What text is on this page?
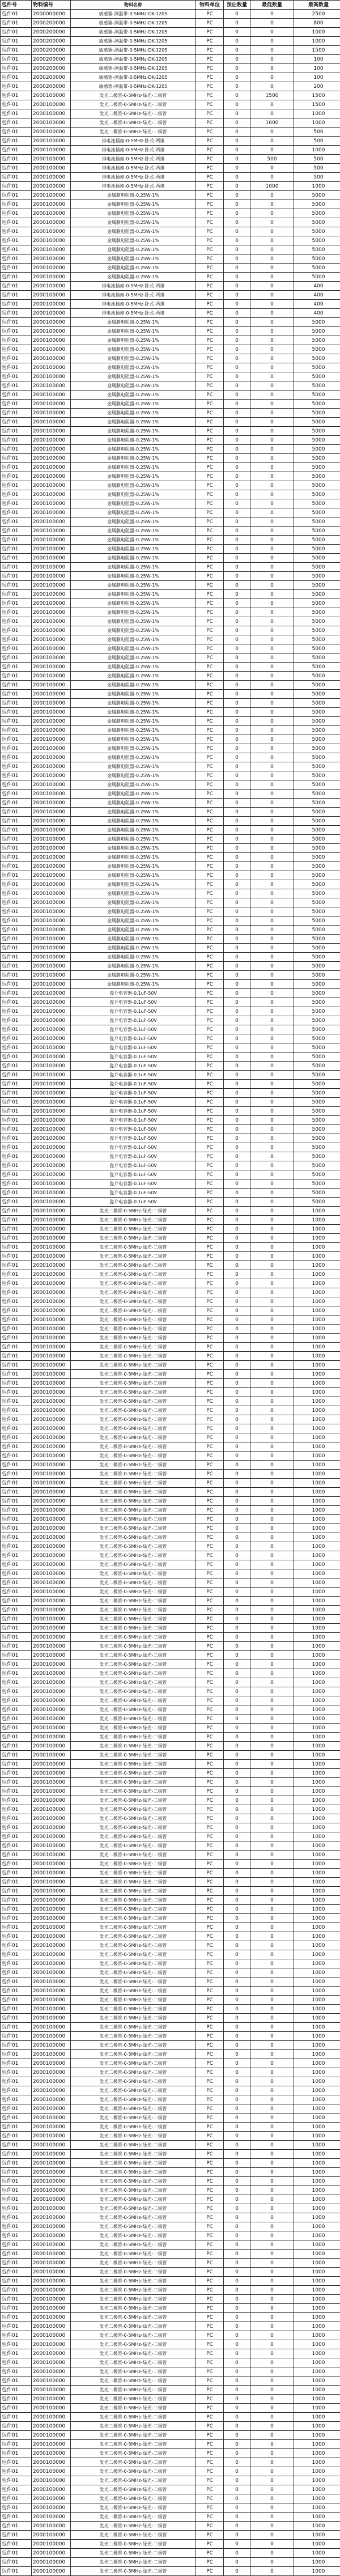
包件号	物料编号	物料名称	物料单位	预估数量	最低数量	最高数量
包件01	2000000000	敏感器-测温带-0-5MHz-DK-1205	PC	0	0	2500
包件01	2000200000	敏感器-测温带-0-5MHz-DK-1205	PC	0	0	800
包件01	2000200000	敏感器-测温带-0-5MHz-DK-1205	PC	0	0	1000
包件01	2000200000	敏感器-测温带-0-5MHz-DK-1205	PC	0	0	1000
包件01	2000200000	敏感器-测温带-0-5MHz-DK-1205	PC	0	0	1500
包件01	2000200000	敏感器-测温带-0-5MHz-DK-1205	PC	0	0	100
包件01	2000200000	敏感器-测温带-0-5MHz-DK-1205	PC	0	0	100
包件01	2000200000	敏感器-测温带-0-5MHz-DK-1205	PC	0	0	100
包件01	2000200000	敏感器-测温带-0-5MHz-DK-1205	PC	0	0	200
包件01	2000100000	发光二极管-0-5MHz-绿光-二极管	PC	0	1500	1500
包件01	2000100000	发光二极管-0-5MHz-绿光-二极管	PC	0	0	1500
包件01	2000100000	发光二极管-0-5MHz-绿光-二极管	PC	0	0	1000
包件01	2000100000	发光二极管-0-5MHz-绿光-二极管	PC	0	1000	1000
包件01	2000100000	发光二极管-0-5MHz-绿光-二极管	PC	0	0	500
包件01	2000100000	排电池插座-0-5MHz-卧式-两排	PC	0	0	500
包件01	2000100000	排电池插座-0-5MHz-卧式-两排	PC	0	0	1000
包件01	2000100000	排电池插座-0-5MHz-卧式-两排	PC	0	500	500
包件01	2000100000	排电池插座-0-5MHz-卧式-两排	PC	0	0	500
包件01	2000100000	排电池插座-0-5MHz-卧式-两排	PC	0	0	500
包件01	2000100000	排电池插座-0-5MHz-卧式-两排	PC	0	1000	1000
包件01	2000100000	金属膜电阻器-0.25W-1%	PC	0	0	5000
包件01	2000100000	金属膜电阻器-0.25W-1%	PC	0	0	5000
包件01	2000100000	金属膜电阻器-0.25W-1%	PC	0	0	5000
包件01	2000100000	金属膜电阻器-0.25W-1%	PC	0	0	5000
包件01	2000100000	金属膜电阻器-0.25W-1%	PC	0	0	5000
包件01	2000100000	金属膜电阻器-0.25W-1%	PC	0	0	5000
包件01	2000100000	金属膜电阻器-0.25W-1%	PC	0	0	5000
包件01	2000100000	金属膜电阻器-0.25W-1%	PC	0	0	5000
包件01	2000100000	金属膜电阻器-0.25W-1%	PC	0	0	5000
包件01	2000100000	金属膜电阻器-0.25W-1%	PC	0	0	5000
包件01	2000100000	排电池插座-0-5MHz-卧式-两排	PC	0	0	400
包件01	2000100000	排电池插座-0-5MHz-卧式-两排	PC	0	0	400
包件01	2000100000	排电池插座-0-5MHz-卧式-两排	PC	0	0	400
包件01	2000100000	排电池插座-0-5MHz-卧式-两排	PC	0	0	400
包件01	2000100000	金属膜电阻器-0.25W-1%	PC	0	0	5000
包件01	2000100000	金属膜电阻器-0.25W-1%	PC	0	0	5000
包件01	2000100000	金属膜电阻器-0.25W-1%	PC	0	0	5000
包件01	2000100000	金属膜电阻器-0.25W-1%	PC	0	0	5000
包件01	2000100000	金属膜电阻器-0.25W-1%	PC	0	0	5000
包件01	2000100000	金属膜电阻器-0.25W-1%	PC	0	0	5000
包件01	2000100000	金属膜电阻器-0.25W-1%	PC	0	0	5000
包件01	2000100000	金属膜电阻器-0.25W-1%	PC	0	0	5000
包件01	2000100000	金属膜电阻器-0.25W-1%	PC	0	0	5000
包件01	2000100000	金属膜电阻器-0.25W-1%	PC	0	0	5000
包件01	2000100000	金属膜电阻器-0.25W-1%	PC	0	0	5000
包件01	2000100000	金属膜电阻器-0.25W-1%	PC	0	0	5000
包件01	2000100000	金属膜电阻器-0.25W-1%	PC	0	0	5000
包件01	2000100000	金属膜电阻器-0.25W-1%	PC	0	0	5000
包件01	2000100000	金属膜电阻器-0.25W-1%	PC	0	0	5000
包件01	2000100000	金属膜电阻器-0.25W-1%	PC	0	0	5000
包件01	2000100000	金属膜电阻器-0.25W-1%	PC	0	0	5000
包件01	2000100000	金属膜电阻器-0.25W-1%	PC	0	0	5000
包件01	2000100000	金属膜电阻器-0.25W-1%	PC	0	0	5000
包件01	2000100000	金属膜电阻器-0.25W-1%	PC	0	0	5000
包件01	2000100000	金属膜电阻器-0.25W-1%	PC	0	0	5000
包件01	2000100000	金属膜电阻器-0.25W-1%	PC	0	0	5000
包件01	2000100000	金属膜电阻器-0.25W-1%	PC	0	0	5000
包件01	2000100000	金属膜电阻器-0.25W-1%	PC	0	0	5000
包件01	2000100000	金属膜电阻器-0.25W-1%	PC	0	0	5000
包件01	2000100000	金属膜电阻器-0.25W-1%	PC	0	0	5000
包件01	2000100000	金属膜电阻器-0.25W-1%	PC	0	0	5000
包件01	2000100000	金属膜电阻器-0.25W-1%	PC	0	0	5000
包件01	2000100000	金属膜电阻器-0.25W-1%	PC	0	0	5000
包件01	2000100000	金属膜电阻器-0.25W-1%	PC	0	0	5000
包件01	2000100000	金属膜电阻器-0.25W-1%	PC	0	0	5000
包件01	2000100000	金属膜电阻器-0.25W-1%	PC	0	0	5000
包件01	2000100000	金属膜电阻器-0.25W-1%	PC	0	0	5000
包件01	2000100000	金属膜电阻器-0.25W-1%	PC	0	0	5000
包件01	2000100000	金属膜电阻器-0.25W-1%	PC	0	0	5000
包件01	2000100000	金属膜电阻器-0.25W-1%	PC	0	0	5000
包件01	2000100000	金属膜电阻器-0.25W-1%	PC	0	0	5000
包件01	2000100000	金属膜电阻器-0.25W-1%	PC	0	0	5000
包件01	2000100000	金属膜电阻器-0.25W-1%	PC	0	0	5000
包件01	2000100000	金属膜电阻器-0.25W-1%	PC	0	0	5000
包件01	2000100000	金属膜电阻器-0.25W-1%	PC	0	0	5000
包件01	2000100000	金属膜电阻器-0.25W-1%	PC	0	0	5000
包件01	2000100000	金属膜电阻器-0.25W-1%	PC	0	0	5000
包件01	2000100000	金属膜电阻器-0.25W-1%	PC	0	0	5000
包件01	2000100000	金属膜电阻器-0.25W-1%	PC	0	0	5000
包件01	2000100000	金属膜电阻器-0.25W-1%	PC	0	0	5000
包件01	2000100000	金属膜电阻器-0.25W-1%	PC	0	0	5000
包件01	2000100000	金属膜电阻器-0.25W-1%	PC	0	0	5000
包件01	2000100000	金属膜电阻器-0.25W-1%	PC	0	0	5000
包件01	2000100000	金属膜电阻器-0.25W-1%	PC	0	0	5000
包件01	2000100000	金属膜电阻器-0.25W-1%	PC	0	0	5000
包件01	2000100000	金属膜电阻器-0.25W-1%	PC	0	0	5000
包件01	2000100000	金属膜电阻器-0.25W-1%	PC	0	0	5000
包件01	2000100000	金属膜电阻器-0.25W-1%	PC	0	0	5000
包件01	2000100000	金属膜电阻器-0.25W-1%	PC	0	0	5000
包件01	2000100000	金属膜电阻器-0.25W-1%	PC	0	0	5000
包件01	2000100000	金属膜电阻器-0.25W-1%	PC	0	0	5000
包件01	2000100000	金属膜电阻器-0.25W-1%	PC	0	0	5000
包件01	2000100000	金属膜电阻器-0.25W-1%	PC	0	0	5000
包件01	2000100000	金属膜电阻器-0.25W-1%	PC	0	0	5000
包件01	2000100000	金属膜电阻器-0.25W-1%	PC	0	0	5000
包件01	2000100000	金属膜电阻器-0.25W-1%	PC	0	0	5000
包件01	2000100000	金属膜电阻器-0.25W-1%	PC	0	0	5000
包件01	2000100000	金属膜电阻器-0.25W-1%	PC	0	0	5000
包件01	2000100000	金属膜电阻器-0.25W-1%	PC	0	0	5000
包件01	2000100000	金属膜电阻器-0.25W-1%	PC	0	0	5000
包件01	2000100000	金属膜电阻器-0.25W-1%	PC	0	0	5000
包件01	2000100000	金属膜电阻器-0.25W-1%	PC	0	0	5000
包件01	2000100000	金属膜电阻器-0.25W-1%	PC	0	0	5000
包件01	2000100000	金属膜电阻器-0.25W-1%	PC	0	0	5000
包件01	2000100000	金属膜电阻器-0.25W-1%	PC	0	0	5000
包件01	2000100000	金属膜电阻器-0.25W-1%	PC	0	0	5000
包件01	2000100000	金属膜电阻器-0.25W-1%	PC	0	0	5000
包件01	2000100000	金属膜电阻器-0.25W-1%	PC	0	0	5000
包件01	2000100000	瓷介电容器-0.1uF-50V	PC	0	0	5000
包件01	2000100000	瓷介电容器-0.1uF-50V	PC	0	0	5000
包件01	2000100000	瓷介电容器-0.1uF-50V	PC	0	0	5000
包件01	2000100000	瓷介电容器-0.1uF-50V	PC	0	0	5000
包件01	2000100000	瓷介电容器-0.1uF-50V	PC	0	0	5000
包件01	2000100000	瓷介电容器-0.1uF-50V	PC	0	0	5000
包件01	2000100000	瓷介电容器-0.1uF-50V	PC	0	0	5000
包件01	2000100000	瓷介电容器-0.1uF-50V	PC	0	0	5000
包件01	2000100000	瓷介电容器-0.1uF-50V	PC	0	0	5000
包件01	2000100000	瓷介电容器-0.1uF-50V	PC	0	0	5000
包件01	2000100000	瓷介电容器-0.1uF-50V	PC	0	0	5000
包件01	2000100000	瓷介电容器-0.1uF-50V	PC	0	0	5000
包件01	2000100000	瓷介电容器-0.1uF-50V	PC	0	0	5000
包件01	2000100000	瓷介电容器-0.1uF-50V	PC	0	0	5000
包件01	2000100000	瓷介电容器-0.1uF-50V	PC	0	0	5000
包件01	2000100000	瓷介电容器-0.1uF-50V	PC	0	0	5000
包件01	2000100000	瓷介电容器-0.1uF-50V	PC	0	0	5000
包件01	2000100000	瓷介电容器-0.1uF-50V	PC	0	0	5000
包件01	2000100000	瓷介电容器-0.1uF-50V	PC	0	0	5000
包件01	2000100000	瓷介电容器-0.1uF-50V	PC	0	0	5000
包件01	2000100000	瓷介电容器-0.1uF-50V	PC	0	0	5000
包件01	2000100000	瓷介电容器-0.1uF-50V	PC	0	0	5000
包件01	2000100000	瓷介电容器-0.1uF-50V	PC	0	0	5000
包件01	2000100000	瓷介电容器-0.1uF-50V	PC	0	0	5000
包件01	2000100000	发光二极管-0-5MHz-绿光-二极管	PC	0	0	1000
包件01	2000100000	发光二极管-0-5MHz-绿光-二极管	PC	0	0	1000
包件01	2000100000	发光二极管-0-5MHz-绿光-二极管	PC	0	0	1000
包件01	2000100000	发光二极管-0-5MHz-绿光-二极管	PC	0	0	1000
包件01	2000100000	发光二极管-0-5MHz-绿光-二极管	PC	0	0	1000
包件01	2000100000	发光二极管-0-5MHz-绿光-二极管	PC	0	0	1000
包件01	2000100000	发光二极管-0-5MHz-绿光-二极管	PC	0	0	1000
包件01	2000100000	发光二极管-0-5MHz-绿光-二极管	PC	0	0	1000
包件01	2000100000	发光二极管-0-5MHz-绿光-二极管	PC	0	0	1000
包件01	2000100000	发光二极管-0-5MHz-绿光-二极管	PC	0	0	1000
包件01	2000100000	发光二极管-0-5MHz-绿光-二极管	PC	0	0	1000
包件01	2000100000	发光二极管-0-5MHz-绿光-二极管	PC	0	0	1000
包件01	2000100000	发光二极管-0-5MHz-绿光-二极管	PC	0	0	1000
包件01	2000100000	发光二极管-0-5MHz-绿光-二极管	PC	0	0	1000
包件01	2000100000	发光二极管-0-5MHz-绿光-二极管	PC	0	0	1000
包件01	2000100000	发光二极管-0-5MHz-绿光-二极管	PC	0	0	1000
包件01	2000100000	发光二极管-0-5MHz-绿光-二极管	PC	0	0	1000
包件01	2000100000	发光二极管-0-5MHz-绿光-二极管	PC	0	0	1000
包件01	2000100000	发光二极管-0-5MHz-绿光-二极管	PC	0	0	1000
包件01	2000100000	发光二极管-0-5MHz-绿光-二极管	PC	0	0	1000
包件01	2000100000	发光二极管-0-5MHz-绿光-二极管	PC	0	0	1000
包件01	2000100000	发光二极管-0-5MHz-绿光-二极管	PC	0	0	1000
包件01	2000100000	发光二极管-0-5MHz-绿光-二极管	PC	0	0	1000
包件01	2000100000	发光二极管-0-5MHz-绿光-二极管	PC	0	0	1000
包件01	2000100000	发光二极管-0-5MHz-绿光-二极管	PC	0	0	1000
包件01	2000100000	发光二极管-0-5MHz-绿光-二极管	PC	0	0	1000
包件01	2000100000	发光二极管-0-5MHz-绿光-二极管	PC	0	0	1000
包件01	2000100000	发光二极管-0-5MHz-绿光-二极管	PC	0	0	1000
包件01	2000100000	发光二极管-0-5MHz-绿光-二极管	PC	0	0	1000
包件01	2000100000	发光二极管-0-5MHz-绿光-二极管	PC	0	0	1000
包件01	2000100000	发光二极管-0-5MHz-绿光-二极管	PC	0	0	1000
包件01	2000100000	发光二极管-0-5MHz-绿光-二极管	PC	0	0	1000
包件01	2000100000	发光二极管-0-5MHz-绿光-二极管	PC	0	0	1000
包件01	2000100000	发光二极管-0-5MHz-绿光-二极管	PC	0	0	1000
包件01	2000100000	发光二极管-0-5MHz-绿光-二极管	PC	0	0	1000
包件01	2000100000	发光二极管-0-5MHz-绿光-二极管	PC	0	0	1000
包件01	2000100000	发光二极管-0-5MHz-绿光-二极管	PC	0	0	1000
包件01	2000100000	发光二极管-0-5MHz-绿光-二极管	PC	0	0	1000
包件01	2000100000	发光二极管-0-5MHz-绿光-二极管	PC	0	0	1000
包件01	2000100000	发光二极管-0-5MHz-绿光-二极管	PC	0	0	1000
包件01	2000100000	发光二极管-0-5MHz-绿光-二极管	PC	0	0	1000
包件01	2000100000	发光二极管-0-5MHz-绿光-二极管	PC	0	0	1000
包件01	2000100000	发光二极管-0-5MHz-绿光-二极管	PC	0	0	1000
包件01	2000100000	发光二极管-0-5MHz-绿光-二极管	PC	0	0	1000
包件01	2000100000	发光二极管-0-5MHz-绿光-二极管	PC	0	0	1000
包件01	2000100000	发光二极管-0-5MHz-绿光-二极管	PC	0	0	1000
包件01	2000100000	发光二极管-0-5MHz-绿光-二极管	PC	0	0	1000
包件01	2000100000	发光二极管-0-5MHz-绿光-二极管	PC	0	0	1000
包件01	2000100000	发光二极管-0-5MHz-绿光-二极管	PC	0	0	1000
包件01	2000100000	发光二极管-0-5MHz-绿光-二极管	PC	0	0	1000
包件01	2000100000	发光二极管-0-5MHz-绿光-二极管	PC	0	0	1000
包件01	2000100000	发光二极管-0-5MHz-绿光-二极管	PC	0	0	1000
包件01	2000100000	发光二极管-0-5MHz-绿光-二极管	PC	0	0	1000
包件01	2000100000	发光二极管-0-5MHz-绿光-二极管	PC	0	0	1000
包件01	2000100000	发光二极管-0-5MHz-绿光-二极管	PC	0	0	1000
包件01	2000100000	发光二极管-0-5MHz-绿光-二极管	PC	0	0	1000
包件01	2000100000	发光二极管-0-5MHz-绿光-二极管	PC	0	0	1000
包件01	2000100000	发光二极管-0-5MHz-绿光-二极管	PC	0	0	1000
包件01	2000100000	发光二极管-0-5MHz-绿光-二极管	PC	0	0	1000
包件01	2000100000	发光二极管-0-5MHz-绿光-二极管	PC	0	0	1000
包件01	2000100000	发光二极管-0-5MHz-绿光-二极管	PC	0	0	1000
包件01	2000100000	发光二极管-0-5MHz-绿光-二极管	PC	0	0	1000
包件01	2000100000	发光二极管-0-5MHz-绿光-二极管	PC	0	0	1000
包件01	2000100000	发光二极管-0-5MHz-绿光-二极管	PC	0	0	1000
包件01	2000100000	发光二极管-0-5MHz-绿光-二极管	PC	0	0	1000
包件01	2000100000	发光二极管-0-5MHz-绿光-二极管	PC	0	0	1000
包件01	2000100000	发光二极管-0-5MHz-绿光-二极管	PC	0	0	1000
包件01	2000100000	发光二极管-0-5MHz-绿光-二极管	PC	0	0	1000
包件01	2000100000	发光二极管-0-5MHz-绿光-二极管	PC	0	0	1000
包件01	2000100000	发光二极管-0-5MHz-绿光-二极管	PC	0	0	1000
包件01	2000100000	发光二极管-0-5MHz-绿光-二极管	PC	0	0	1000
包件01	2000100000	发光二极管-0-5MHz-绿光-二极管	PC	0	0	1000
包件01	2000100000	发光二极管-0-5MHz-绿光-二极管	PC	0	0	1000
包件01	2000100000	发光二极管-0-5MHz-绿光-二极管	PC	0	0	1000
包件01	2000100000	发光二极管-0-5MHz-绿光-二极管	PC	0	0	1000
包件01	2000100000	发光二极管-0-5MHz-绿光-二极管	PC	0	0	1000
包件01	2000100000	发光二极管-0-5MHz-绿光-二极管	PC	0	0	1000
包件01	2000100000	发光二极管-0-5MHz-绿光-二极管	PC	0	0	1000
包件01	2000100000	发光二极管-0-5MHz-绿光-二极管	PC	0	0	1000
包件01	2000100000	发光二极管-0-5MHz-绿光-二极管	PC	0	0	1000
包件01	2000100000	发光二极管-0-5MHz-绿光-二极管	PC	0	0	1000
包件01	2000100000	发光二极管-0-5MHz-绿光-二极管	PC	0	0	1000
包件01	2000100000	发光二极管-0-5MHz-绿光-二极管	PC	0	0	1000
包件01	2000100000	发光二极管-0-5MHz-绿光-二极管	PC	0	0	1000
包件01	2000100000	发光二极管-0-5MHz-绿光-二极管	PC	0	0	1000
包件01	2000100000	发光二极管-0-5MHz-绿光-二极管	PC	0	0	1000
包件01	2000100000	发光二极管-0-5MHz-绿光-二极管	PC	0	0	1000
包件01	2000100000	发光二极管-0-5MHz-绿光-二极管	PC	0	0	1000
包件01	2000100000	发光二极管-0-5MHz-绿光-二极管	PC	0	0	1000
包件01	2000100000	发光二极管-0-5MHz-绿光-二极管	PC	0	0	1000
包件01	2000100000	发光二极管-0-5MHz-绿光-二极管	PC	0	0	1000
包件01	2000100000	发光二极管-0-5MHz-绿光-二极管	PC	0	0	1000
包件01	2000100000	发光二极管-0-5MHz-绿光-二极管	PC	0	0	1000
包件01	2000100000	发光二极管-0-5MHz-绿光-二极管	PC	0	0	1000
包件01	2000100000	发光二极管-0-5MHz-绿光-二极管	PC	0	0	1000
包件01	2000100000	发光二极管-0-5MHz-绿光-二极管	PC	0	0	1000
包件01	2000100000	发光二极管-0-5MHz-绿光-二极管	PC	0	0	1000
包件01	2000100000	发光二极管-0-5MHz-绿光-二极管	PC	0	0	1000
包件01	2000100000	发光二极管-0-5MHz-绿光-二极管	PC	0	0	1000
包件01	2000100000	发光二极管-0-5MHz-绿光-二极管	PC	0	0	1000
包件01	2000100000	发光二极管-0-5MHz-绿光-二极管	PC	0	0	1000
包件01	2000100000	发光二极管-0-5MHz-绿光-二极管	PC	0	0	1000
包件01	2000100000	发光二极管-0-5MHz-绿光-二极管	PC	0	0	1000
包件01	2000100000	发光二极管-0-5MHz-绿光-二极管	PC	0	0	1000
包件01	2000100000	发光二极管-0-5MHz-绿光-二极管	PC	0	0	1000
包件01	2000100000	发光二极管-0-5MHz-绿光-二极管	PC	0	0	1000
包件01	2000100000	发光二极管-0-5MHz-绿光-二极管	PC	0	0	1000
包件01	2000100000	发光二极管-0-5MHz-绿光-二极管	PC	0	0	1000
包件01	2000100000	发光二极管-0-5MHz-绿光-二极管	PC	0	0	1000
包件01	2000100000	发光二极管-0-5MHz-绿光-二极管	PC	0	0	1000
包件01	2000100000	发光二极管-0-5MHz-绿光-二极管	PC	0	0	1000
包件01	2000100000	发光二极管-0-5MHz-绿光-二极管	PC	0	0	1000
包件01	2000100000	发光二极管-0-5MHz-绿光-二极管	PC	0	0	1000
包件01	2000100000	发光二极管-0-5MHz-绿光-二极管	PC	0	0	1000
包件01	2000100000	发光二极管-0-5MHz-绿光-二极管	PC	0	0	1000
包件01	2000100000	发光二极管-0-5MHz-绿光-二极管	PC	0	0	1000
包件01	2000100000	发光二极管-0-5MHz-绿光-二极管	PC	0	0	1000
包件01	2000100000	发光二极管-0-5MHz-绿光-二极管	PC	0	0	1000
包件01	2000100000	发光二极管-0-5MHz-绿光-二极管	PC	0	0	1000
包件01	2000100000	发光二极管-0-5MHz-绿光-二极管	PC	0	0	1000
包件01	2000100000	发光二极管-0-5MHz-绿光-二极管	PC	0	0	1000
包件01	2000100000	发光二极管-0-5MHz-绿光-二极管	PC	0	0	1000
包件01	2000100000	发光二极管-0-5MHz-绿光-二极管	PC	0	0	1000
包件01	2000100000	发光二极管-0-5MHz-绿光-二极管	PC	0	0	1000
包件01	2000100000	发光二极管-0-5MHz-绿光-二极管	PC	0	0	1000
包件01	2000100000	发光二极管-0-5MHz-绿光-二极管	PC	0	0	1000
包件01	2000100000	发光二极管-0-5MHz-绿光-二极管	PC	0	0	1000
包件01	2000100000	发光二极管-0-5MHz-绿光-二极管	PC	0	0	1000
包件01	2000100000	发光二极管-0-5MHz-绿光-二极管	PC	0	0	1000
包件01	2000100000	发光二极管-0-5MHz-绿光-二极管	PC	0	0	1000
包件01	2000100000	发光二极管-0-5MHz-绿光-二极管	PC	0	0	1000
包件01	2000100000	发光二极管-0-5MHz-绿光-二极管	PC	0	0	1000
包件01	2000100000	发光二极管-0-5MHz-绿光-二极管	PC	0	0	1000
包件01	2000100000	发光二极管-0-5MHz-绿光-二极管	PC	0	0	1000
包件01	2000100000	发光二极管-0-5MHz-绿光-二极管	PC	0	0	1000
包件01	2000100000	发光二极管-0-5MHz-绿光-二极管	PC	0	0	1000
包件01	2000100000	发光二极管-0-5MHz-绿光-二极管	PC	0	0	1000
包件01	2000100000	发光二极管-0-5MHz-绿光-二极管	PC	0	0	1000
包件01	2000100000	发光二极管-0-5MHz-绿光-二极管	PC	0	0	1000
包件01	2000100000	发光二极管-0-5MHz-绿光-二极管	PC	0	0	1000
包件01	2000100000	发光二极管-0-5MHz-绿光-二极管	PC	0	0	1000
包件01	2000100000	发光二极管-0-5MHz-绿光-二极管	PC	0	0	1000
包件01	2000100000	发光二极管-0-5MHz-绿光-二极管	PC	0	0	1000
包件01	2000100000	发光二极管-0-5MHz-绿光-二极管	PC	0	0	1000
包件01	2000100000	发光二极管-0-5MHz-绿光-二极管	PC	0	0	1000
包件01	2000100000	发光二极管-0-5MHz-绿光-二极管	PC	0	0	1000
包件01	2000100000	发光二极管-0-5MHz-绿光-二极管	PC	0	0	1000
包件01	2000100000	发光二极管-0-5MHz-绿光-二极管	PC	0	0	1000
包件01	2000100000	发光二极管-0-5MHz-绿光-二极管	PC	0	0	1000
包件01	2000100000	发光二极管-0-5MHz-绿光-二极管	PC	0	0	1000
包件01	2000100000	发光二极管-0-5MHz-绿光-二极管	PC	0	0	1000
